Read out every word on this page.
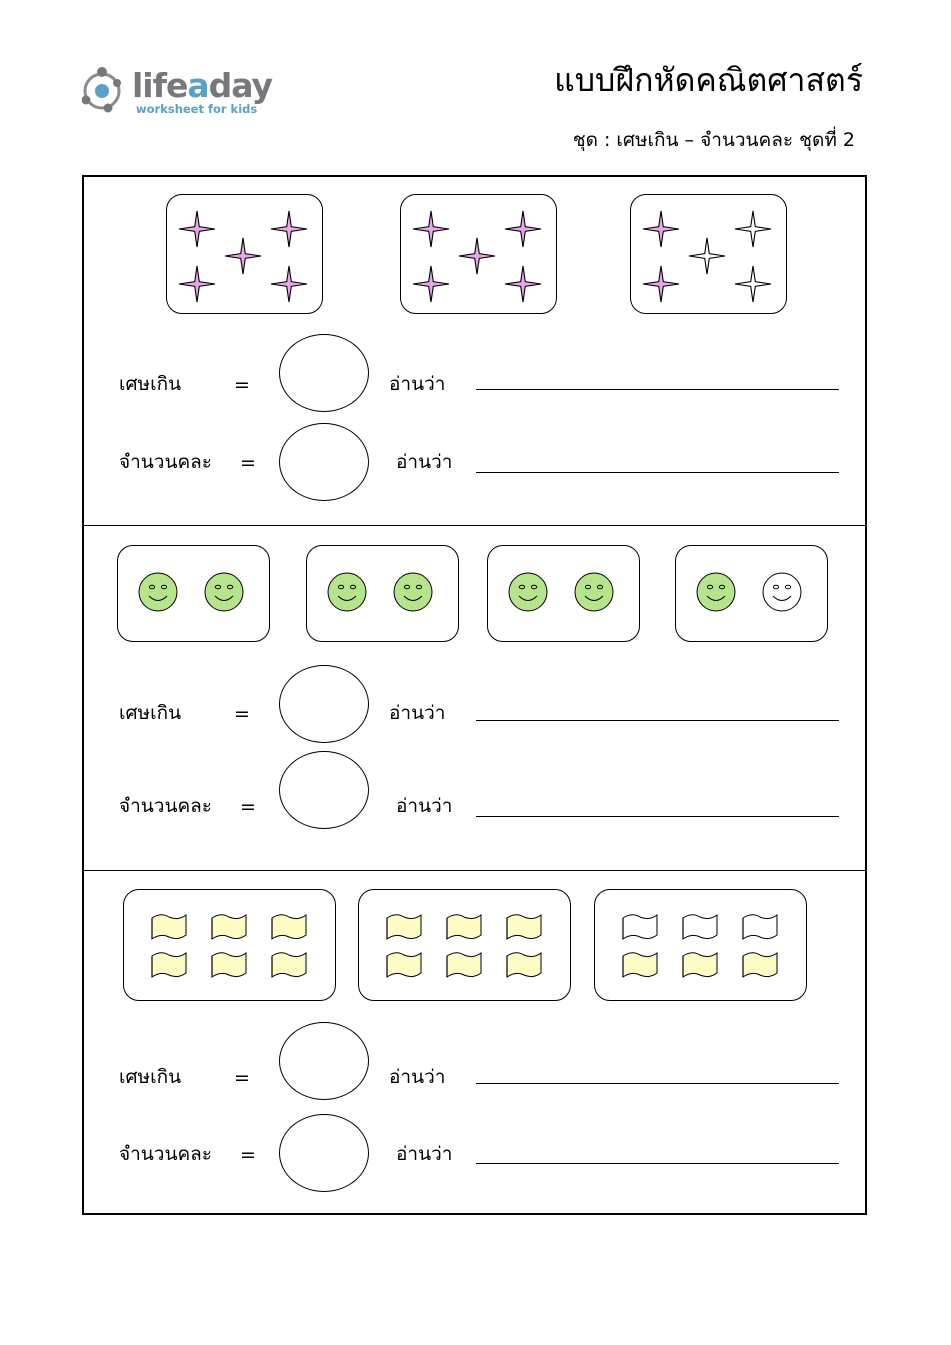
lifeaday
worksheet for kids
แบบฝึกหัดคณิตศาสตร์
ชุด : เศษเกิน – จำนวนคละ ชุดที่ 2
เศษเกิน	=	อ่านว่า
จำนวนคละ =	อ่านว่า
เศษเกิน	=	อ่านว่า
จำนวนคละ =	อ่านว่า
เศษเกิน	=	อ่านว่า
จำนวนคละ =	อ่านว่า
